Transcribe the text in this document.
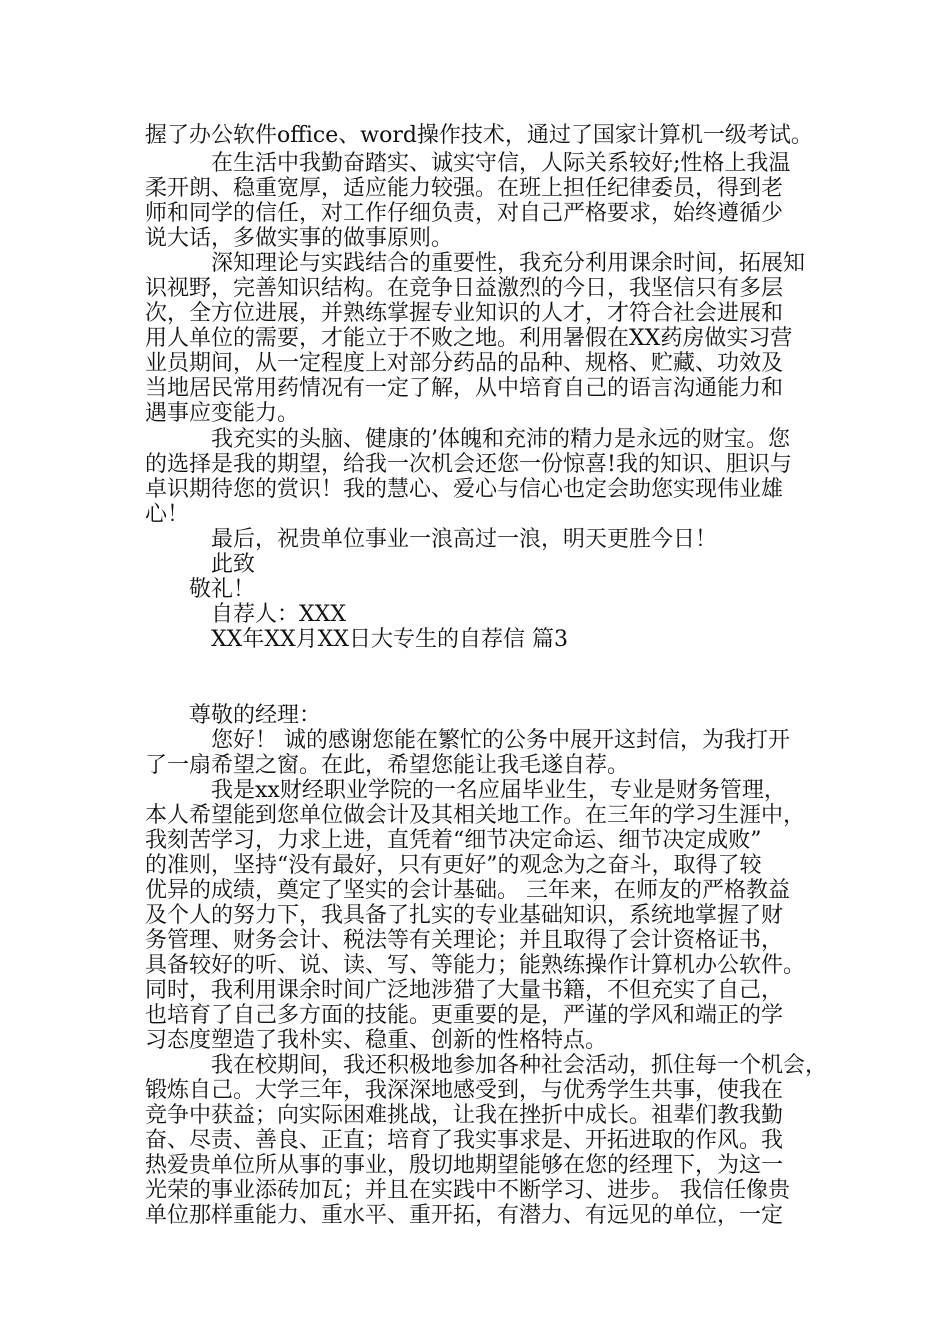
握了办公软件office、word操作技术，通过了国家计算机一级考试。
　　　在生活中我勤奋踏实、诚实守信，人际关系较好;性格上我温
柔开朗、稳重宽厚，适应能力较强。在班上担任纪律委员，得到老
师和同学的信任，对工作仔细负责，对自己严格要求，始终遵循少
说大话，多做实事的做事原则。
　　　深知理论与实践结合的重要性，我充分利用课余时间，拓展知
识视野，完善知识结构。在竞争日益激烈的今日，我坚信只有多层
次，全方位进展，并熟练掌握专业知识的人才，才符合社会进展和
用人单位的需要，才能立于不败之地。利用暑假在XX药房做实习营
业员期间，从一定程度上对部分药品的品种、规格、贮藏、功效及
当地居民常用药情况有一定了解，从中培育自己的语言沟通能力和
遇事应变能力。
　　　我充实的头脑、健康的’体魄和充沛的精力是永远的财宝。您
的选择是我的期望，给我一次机会还您一份惊喜!我的知识、胆识与
卓识期待您的赏识！我的慧心、爱心与信心也定会助您实现伟业雄
心！
　　　最后，祝贵单位事业一浪高过一浪，明天更胜今日！
　　　此致
　　敬礼！
　　　自荐人：XXX
　　　XX年XX月XX日大专生的自荐信 篇3
　　尊敬的经理：
　　　您好！ 诚的感谢您能在繁忙的公务中展开这封信，为我打开
了一扇希望之窗。在此，希望您能让我毛遂自荐。
　　　我是xx财经职业学院的一名应届毕业生，专业是财务管理，
本人希望能到您单位做会计及其相关地工作。在三年的学习生涯中，
我刻苦学习，力求上进，直凭着“细节决定命运、细节决定成败”
的准则，坚持“没有最好，只有更好”的观念为之奋斗，取得了较
优异的成绩，奠定了坚实的会计基础。 三年来，在师友的严格教益
及个人的努力下，我具备了扎实的专业基础知识，系统地掌握了财
务管理、财务会计、税法等有关理论；并且取得了会计资格证书，
具备较好的听、说、读、写、等能力；能熟练操作计算机办公软件。
同时，我利用课余时间广泛地涉猎了大量书籍，不但充实了自己，
也培育了自己多方面的技能。更重要的是，严谨的学风和端正的学
习态度塑造了我朴实、稳重、创新的性格特点。
　　　我在校期间，我还积极地参加各种社会活动，抓住每一个机会，
锻炼自己。大学三年，我深深地感受到，与优秀学生共事，使我在
竞争中获益；向实际困难挑战，让我在挫折中成长。祖辈们教我勤
奋、尽责、善良、正直；培育了我实事求是、开拓进取的作风。我
热爱贵单位所从事的事业，殷切地期望能够在您的经理下，为这一
光荣的事业添砖加瓦；并且在实践中不断学习、进步。 我信任像贵
单位那样重能力、重水平、重开拓，有潜力、有远见的单位，一定
